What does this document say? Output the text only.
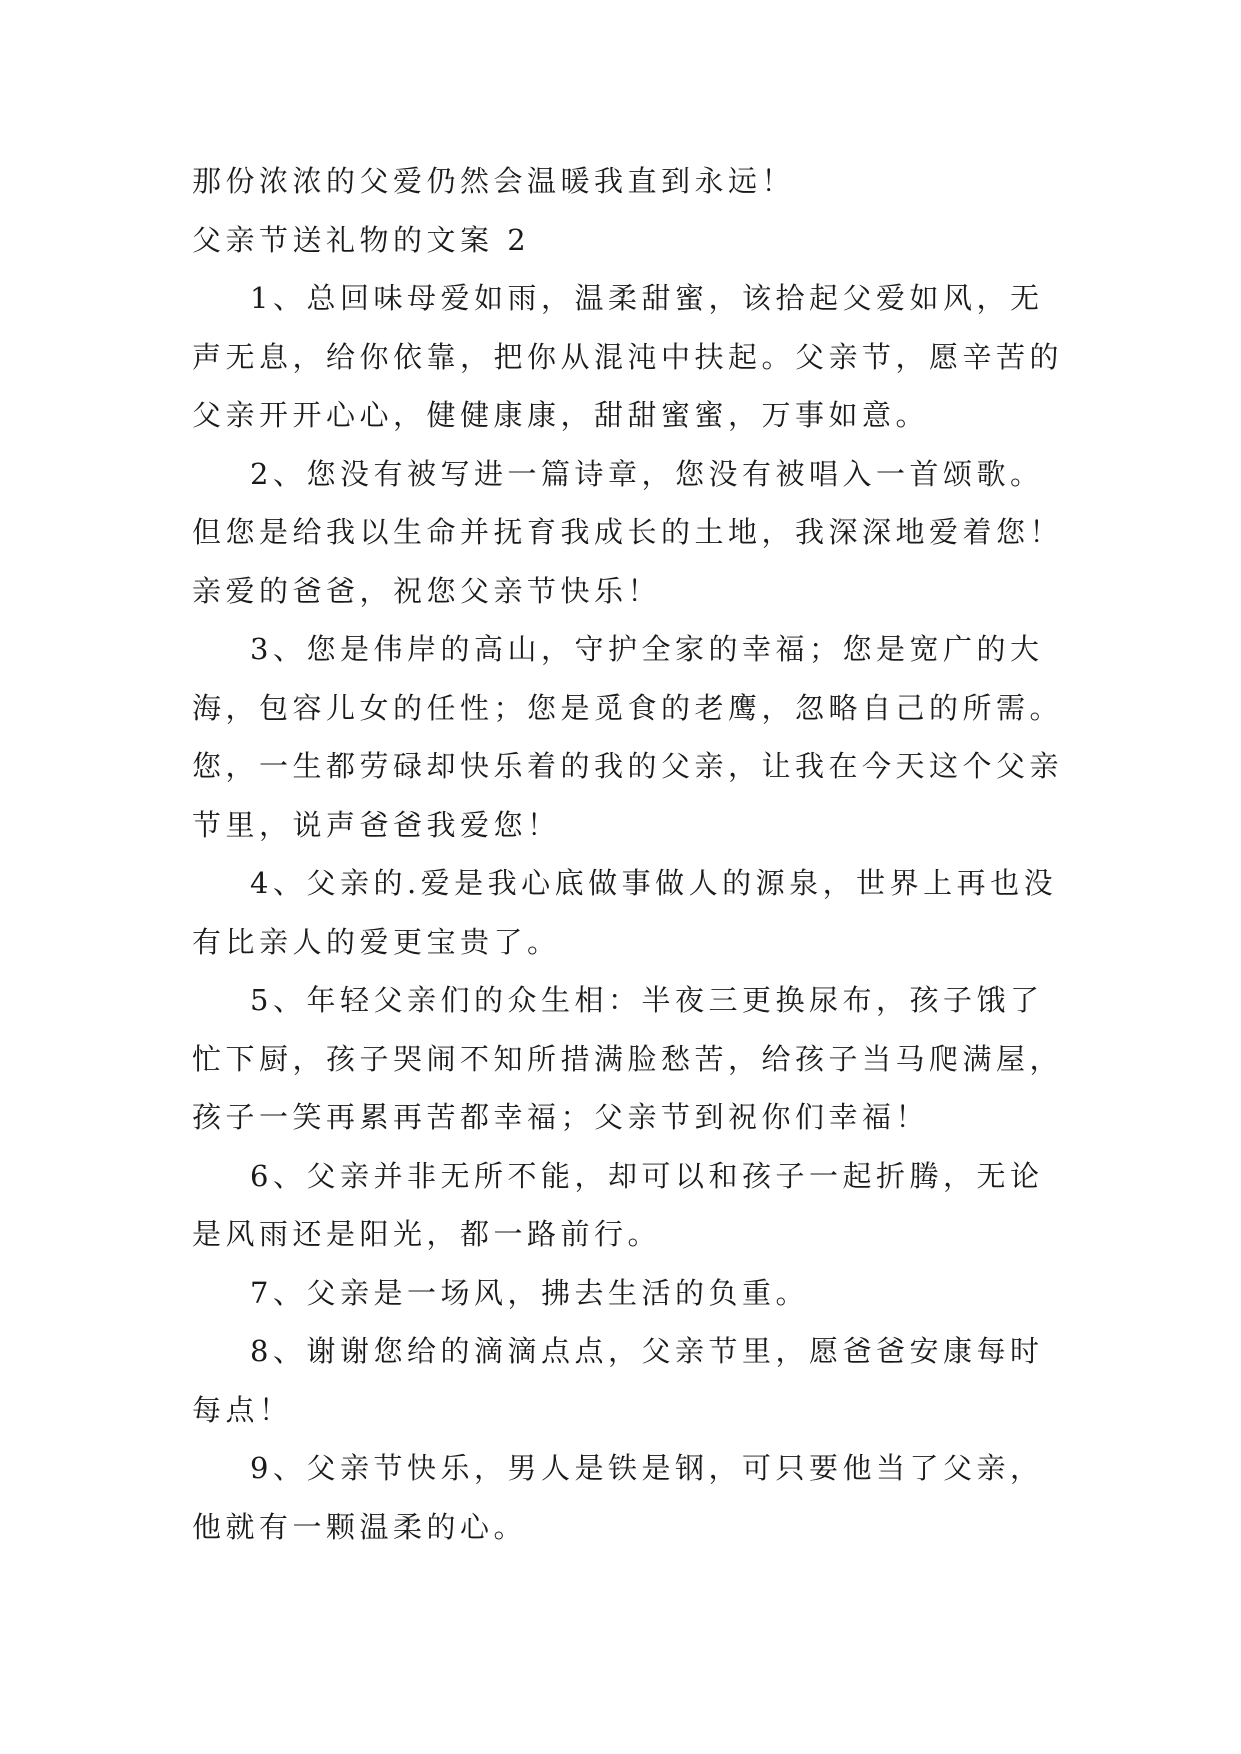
那份浓浓的父爱仍然会温暖我直到永远！
父亲节送礼物的文案 2
1、总回味母爱如雨，温柔甜蜜，该拾起父爱如风，无
声无息，给你依靠，把你从混沌中扶起。父亲节，愿辛苦的
父亲开开心心，健健康康，甜甜蜜蜜，万事如意。
2、您没有被写进一篇诗章，您没有被唱入一首颂歌。
但您是给我以生命并抚育我成长的土地，我深深地爱着您！
亲爱的爸爸，祝您父亲节快乐！
3、您是伟岸的高山，守护全家的幸福；您是宽广的大
海，包容儿女的任性；您是觅食的老鹰，忽略自己的所需。
您，一生都劳碌却快乐着的我的父亲，让我在今天这个父亲
节里，说声爸爸我爱您！
4、父亲的.爱是我心底做事做人的源泉，世界上再也没
有比亲人的爱更宝贵了。
5、年轻父亲们的众生相：半夜三更换尿布，孩子饿了
忙下厨，孩子哭闹不知所措满脸愁苦，给孩子当马爬满屋，
孩子一笑再累再苦都幸福；父亲节到祝你们幸福！
6、父亲并非无所不能，却可以和孩子一起折腾，无论
是风雨还是阳光，都一路前行。
7、父亲是一场风，拂去生活的负重。
8、谢谢您给的滴滴点点，父亲节里，愿爸爸安康每时
每点！
9、父亲节快乐，男人是铁是钢，可只要他当了父亲，
他就有一颗温柔的心。
